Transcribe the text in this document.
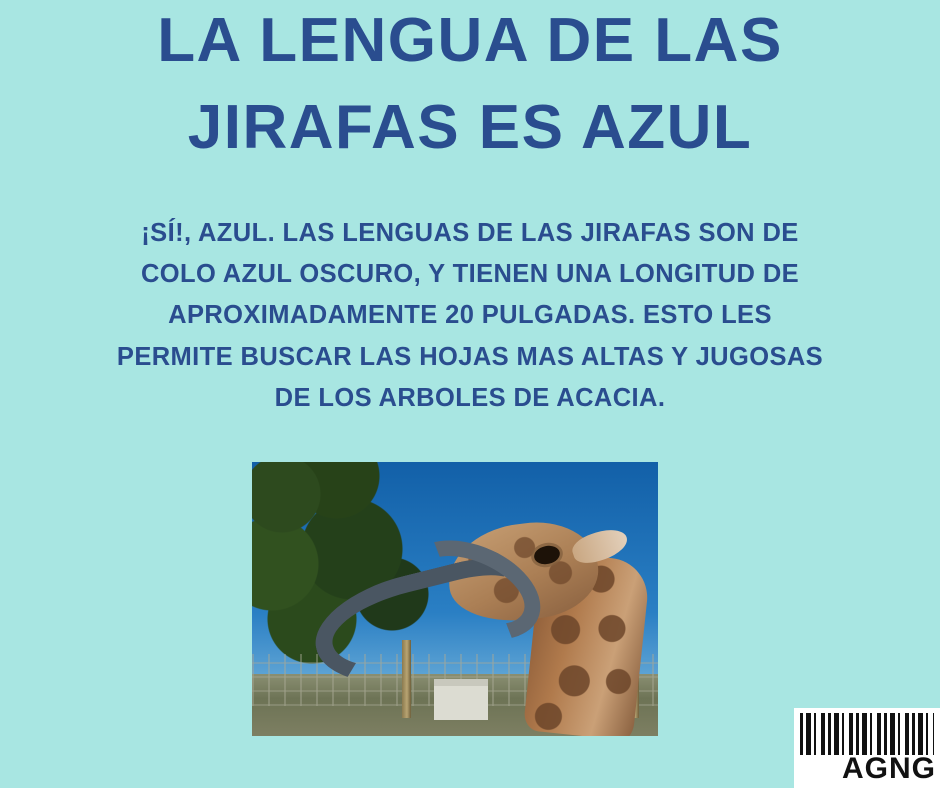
LA LENGUA DE LAS
JIRAFAS ES AZUL

¡SÍ!, AZUL. LAS LENGUAS DE LAS JIRAFAS SON DE
COLO AZUL OSCURO, Y TIENEN UNA LONGITUD DE
APROXIMADAMENTE 20 PULGADAS. ESTO LES
PERMITE BUSCAR LAS HOJAS MAS ALTAS Y JUGOSAS
DE LOS ARBOLES DE ACACIA.

AGNG
